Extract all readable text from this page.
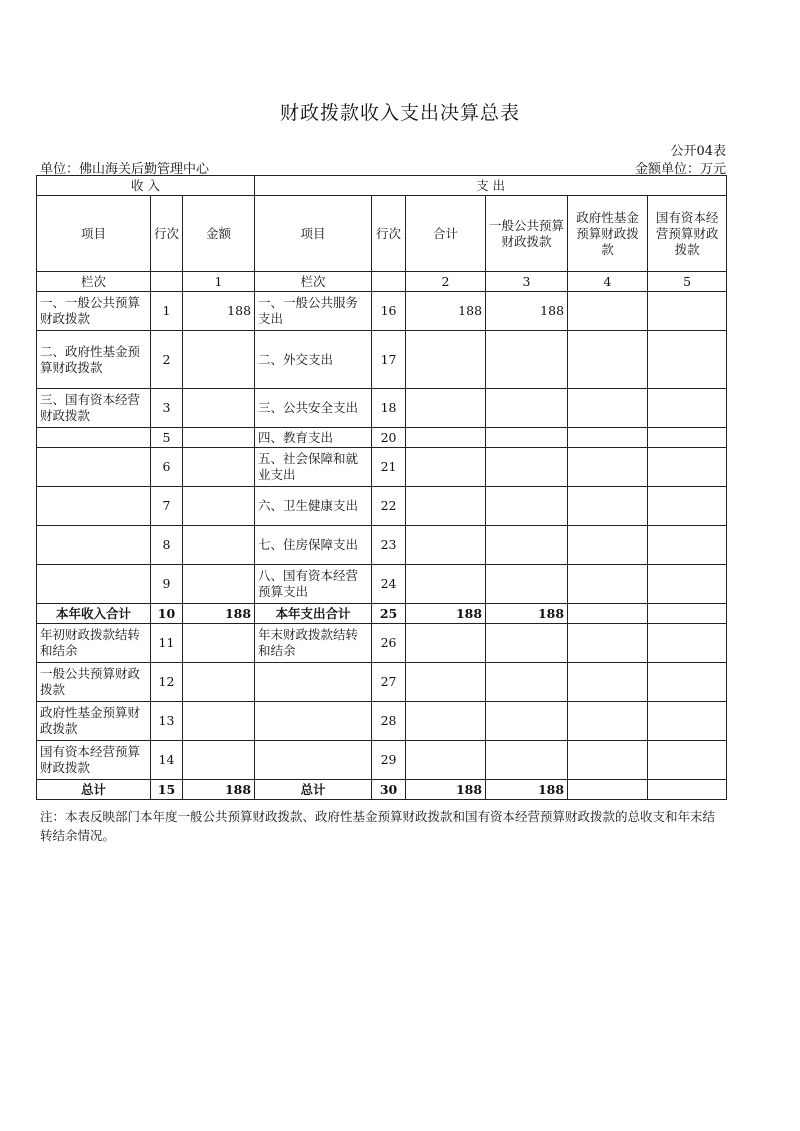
财政拨款收入支出决算总表
公开04表
单位：佛山海关后勤管理中心	金额单位：万元
收 入			支 出					
项目	行次	金额	项目	行次	合计	一般公共预算财政拨款	政府性基金预算财政拨款	国有资本经营预算财政拨款
栏次		1	栏次		2	3	4	5
一、一般公共预算财政拨款	1	188	一、一般公共服务支出	16	188	188		
二、政府性基金预算财政拨款	2		二、外交支出	17				
三、国有资本经营财政拨款	3		三、公共安全支出	18				
	5		四、教育支出	20				
	6		五、社会保障和就业支出	21				
	7		六、卫生健康支出	22				
	8		七、住房保障支出	23				
	9		八、国有资本经营预算支出	24				
本年收入合计	10	188	本年支出合计	25	188	188		
年初财政拨款结转和结余	11		年末财政拨款结转和结余	26				
一般公共预算财政拨款	12			27				
政府性基金预算财政拨款	13			28				
国有资本经营预算财政拨款	14			29				
总计	15	188	总计	30	188	188		
注：本表反映部门本年度一般公共预算财政拨款、政府性基金预算财政拨款和国有资本经营预算财政拨款的总收支和年末结转结余情况。
